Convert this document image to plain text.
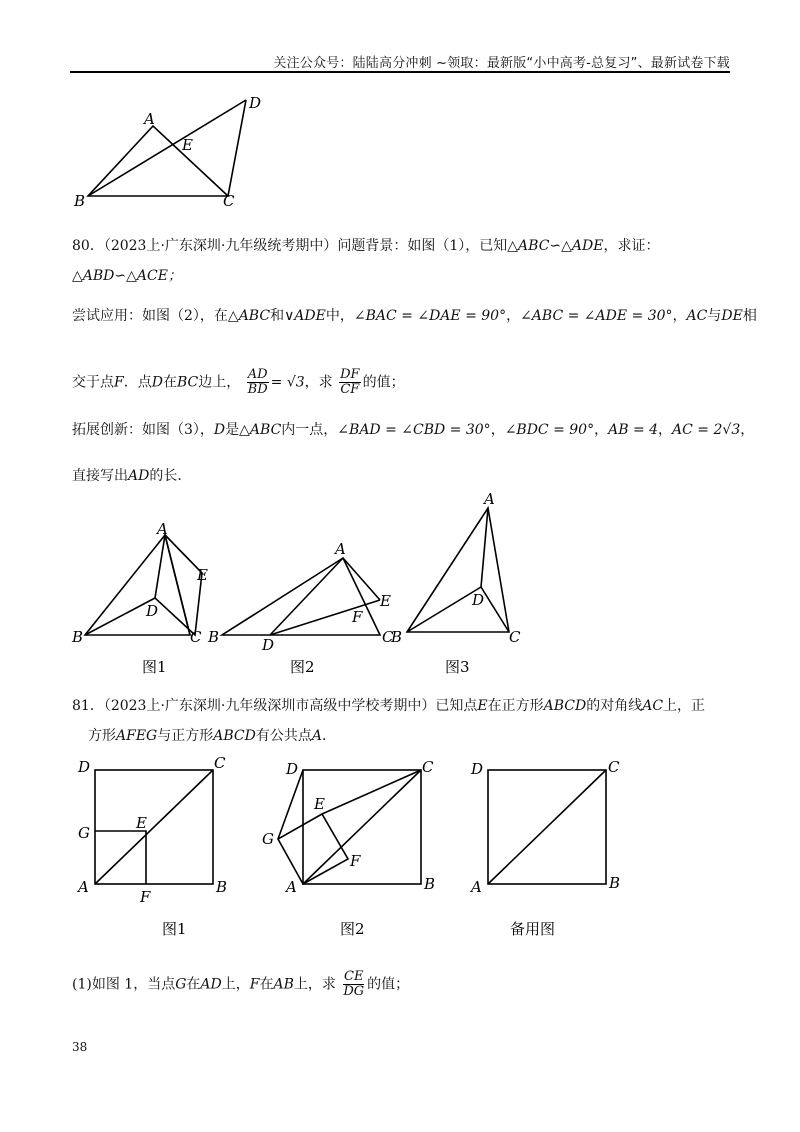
关注公众号：陆陆高分冲刺 ~领取：最新版“小中高考-总复习”、最新试卷下载
A
B	C
D
E
80．（2023上·广东深圳·九年级统考期中）问题背景：如图（1），已知△ABC∽△ADE，求证：
△ABD∽△ACE；
尝试应用：如图（2），在△ABC和∨ADE中，∠BAC = ∠DAE = 90°，∠ABC = ∠ADE = 30°，AC与DE相
交于点F．点D在BC边上， $\frac{AD}{BD} = √3$，求 $\frac{DF}{CF}$ 的值；
拓展创新：如图（3），D是△ABC内一点，∠BAD = ∠CBD = 30°，∠BDC = 90°，AB = 4，AC = 2√3，
直接写出AD的长．
A
B	C
D
E
A
B	C
D
E
F
A
B	C
D
图1	图2	图3
81．（2023上·广东深圳·九年级深圳市高级中学校考期中）已知点E在正方形ABCD的对角线AC上，正
方形AFEG与正方形ABCD有公共点A．
D	C
G
E
A	B
F
D	C
G
E
F
A	B
D	C
A	B
图1	图2	备用图
(1)如图 1，当点G在AD上，F在AB上，求 $\frac{CE}{DG}$ 的值；
38
